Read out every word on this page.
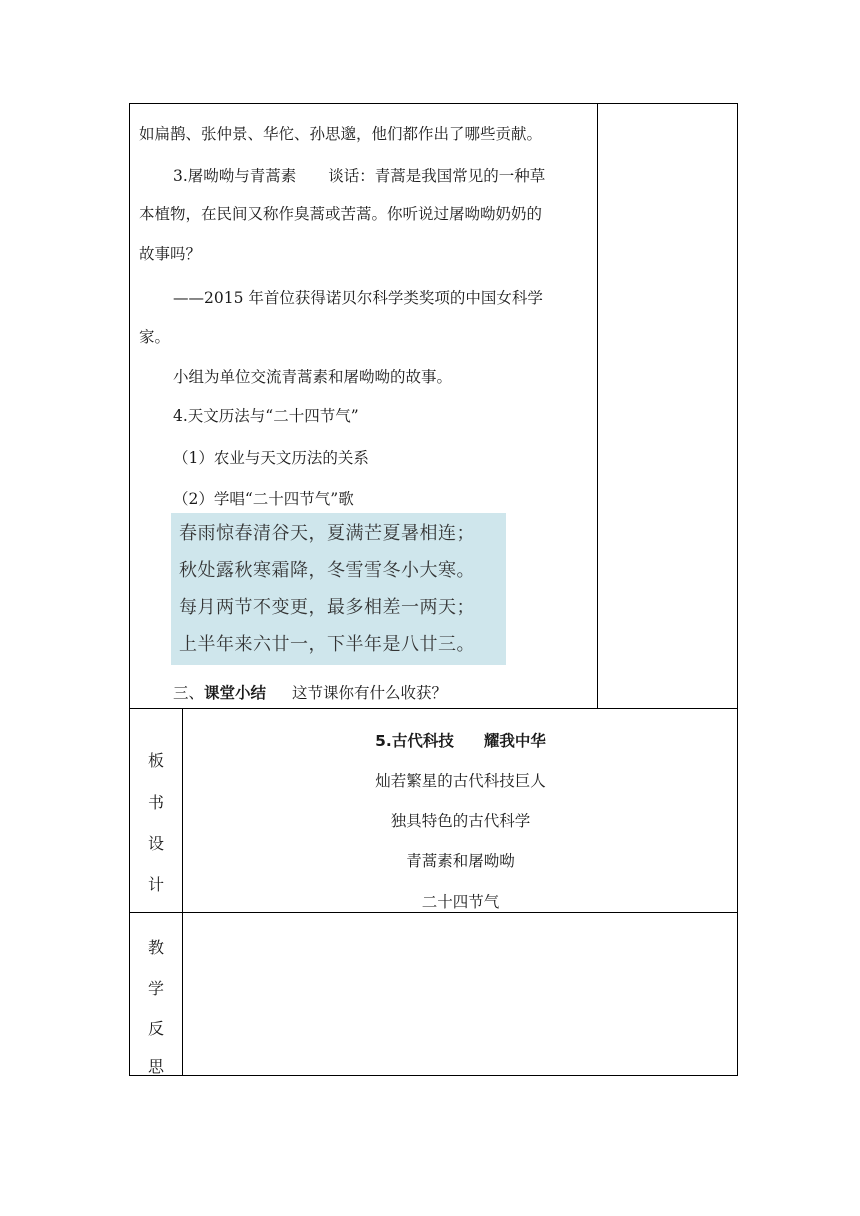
如扁鹊、张仲景、华佗、孙思邈，他们都作出了哪些贡献。
3.屠呦呦与青蒿素 谈话：青蒿是我国常见的一种草
本植物，在民间又称作臭蒿或苦蒿。你听说过屠呦呦奶奶的
故事吗？
——2015 年首位获得诺贝尔科学类奖项的中国女科学
家。
小组为单位交流青蒿素和屠呦呦的故事。
4.天文历法与“二十四节气”
（1）农业与天文历法的关系
（2）学唱“二十四节气”歌
春雨惊春清谷天，夏满芒夏暑相连；
秋处露秋寒霜降，冬雪雪冬小大寒。
每月两节不变更，最多相差一两天；
上半年来六廿一，下半年是八廿三。
三、课堂小结 这节课你有什么收获？
板
书
设
计
5.古代科技 耀我中华
灿若繁星的古代科技巨人
独具特色的古代科学
青蒿素和屠呦呦
二十四节气
教
学
反
思
